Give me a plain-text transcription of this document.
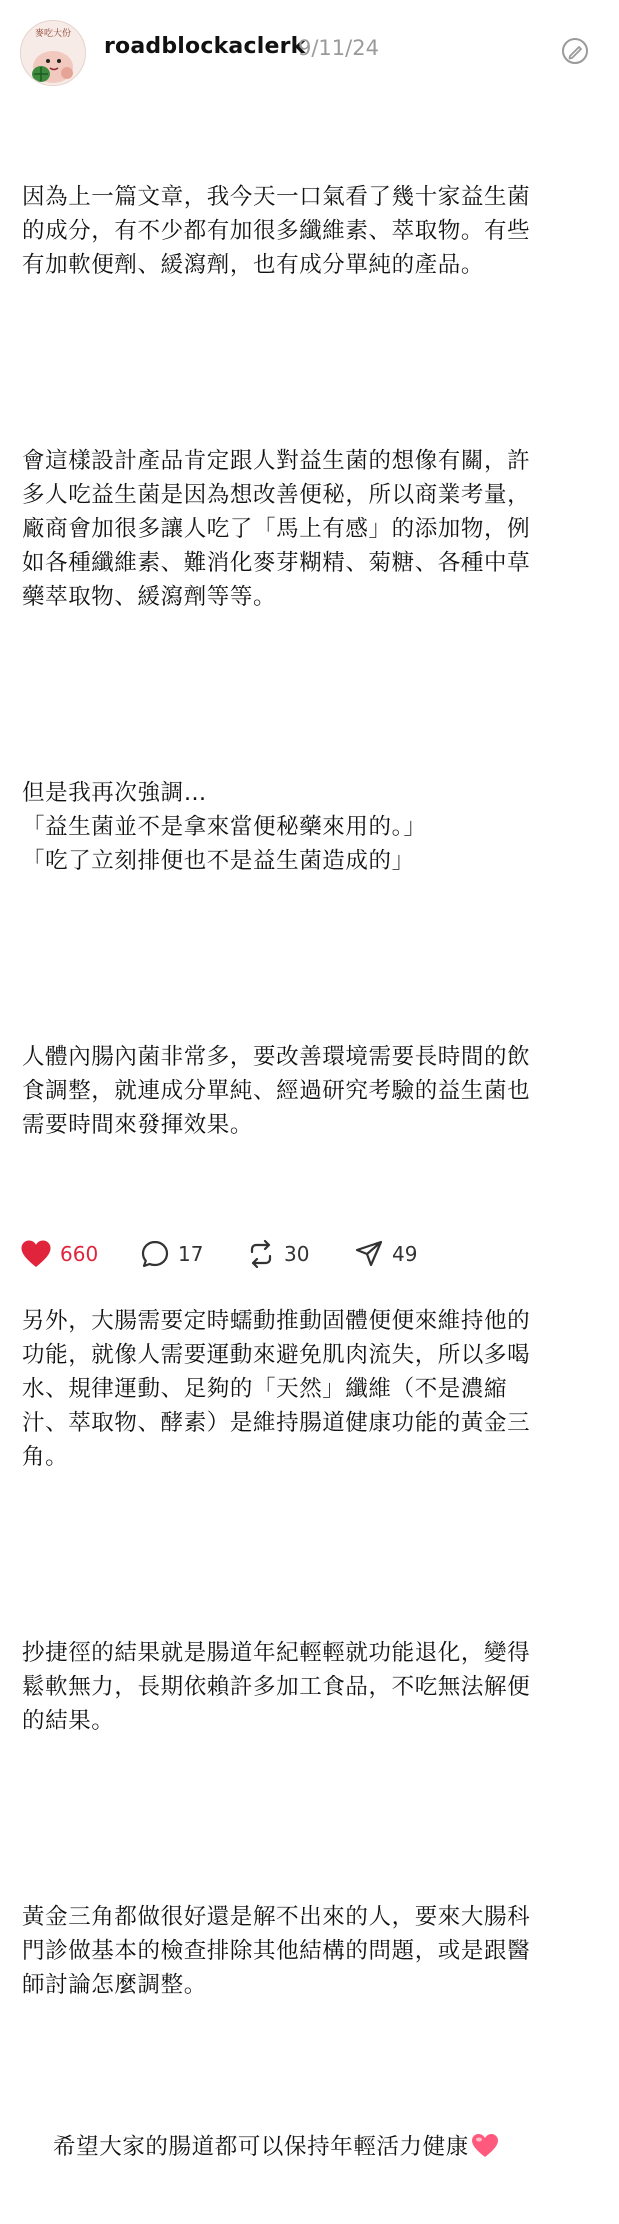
麥吃大份 roadblockaclerk
9/11/24

因為上一篇文章，我今天一口氣看了幾十家益生菌
的成分，有不少都有加很多纖維素、萃取物。有些
有加軟便劑、緩瀉劑，也有成分單純的產品。

會這樣設計產品肯定跟人對益生菌的想像有關，許
多人吃益生菌是因為想改善便秘，所以商業考量，
廠商會加很多讓人吃了「馬上有感」的添加物，例
如各種纖維素、難消化麥芽糊精、菊糖、各種中草
藥萃取物、緩瀉劑等等。

但是我再次強調…
「益生菌並不是拿來當便秘藥來用的。」
「吃了立刻排便也不是益生菌造成的」

人體內腸內菌非常多，要改善環境需要長時間的飲
食調整，就連成分單純、經過研究考驗的益生菌也
需要時間來發揮效果。

另外，大腸需要定時蠕動推動固體便便來維持他的
功能，就像人需要運動來避免肌肉流失，所以多喝
水、規律運動、足夠的「天然」纖維（不是濃縮
汁、萃取物、酵素）是維持腸道健康功能的黃金三
角。

抄捷徑的結果就是腸道年紀輕輕就功能退化，變得
鬆軟無力，長期依賴許多加工食品，不吃無法解便
的結果。

黃金三角都做很好還是解不出來的人，要來大腸科
門診做基本的檢查排除其他結構的問題，或是跟醫
師討論怎麼調整。

希望大家的腸道都可以保持年輕活力健康

660	17	30	49
